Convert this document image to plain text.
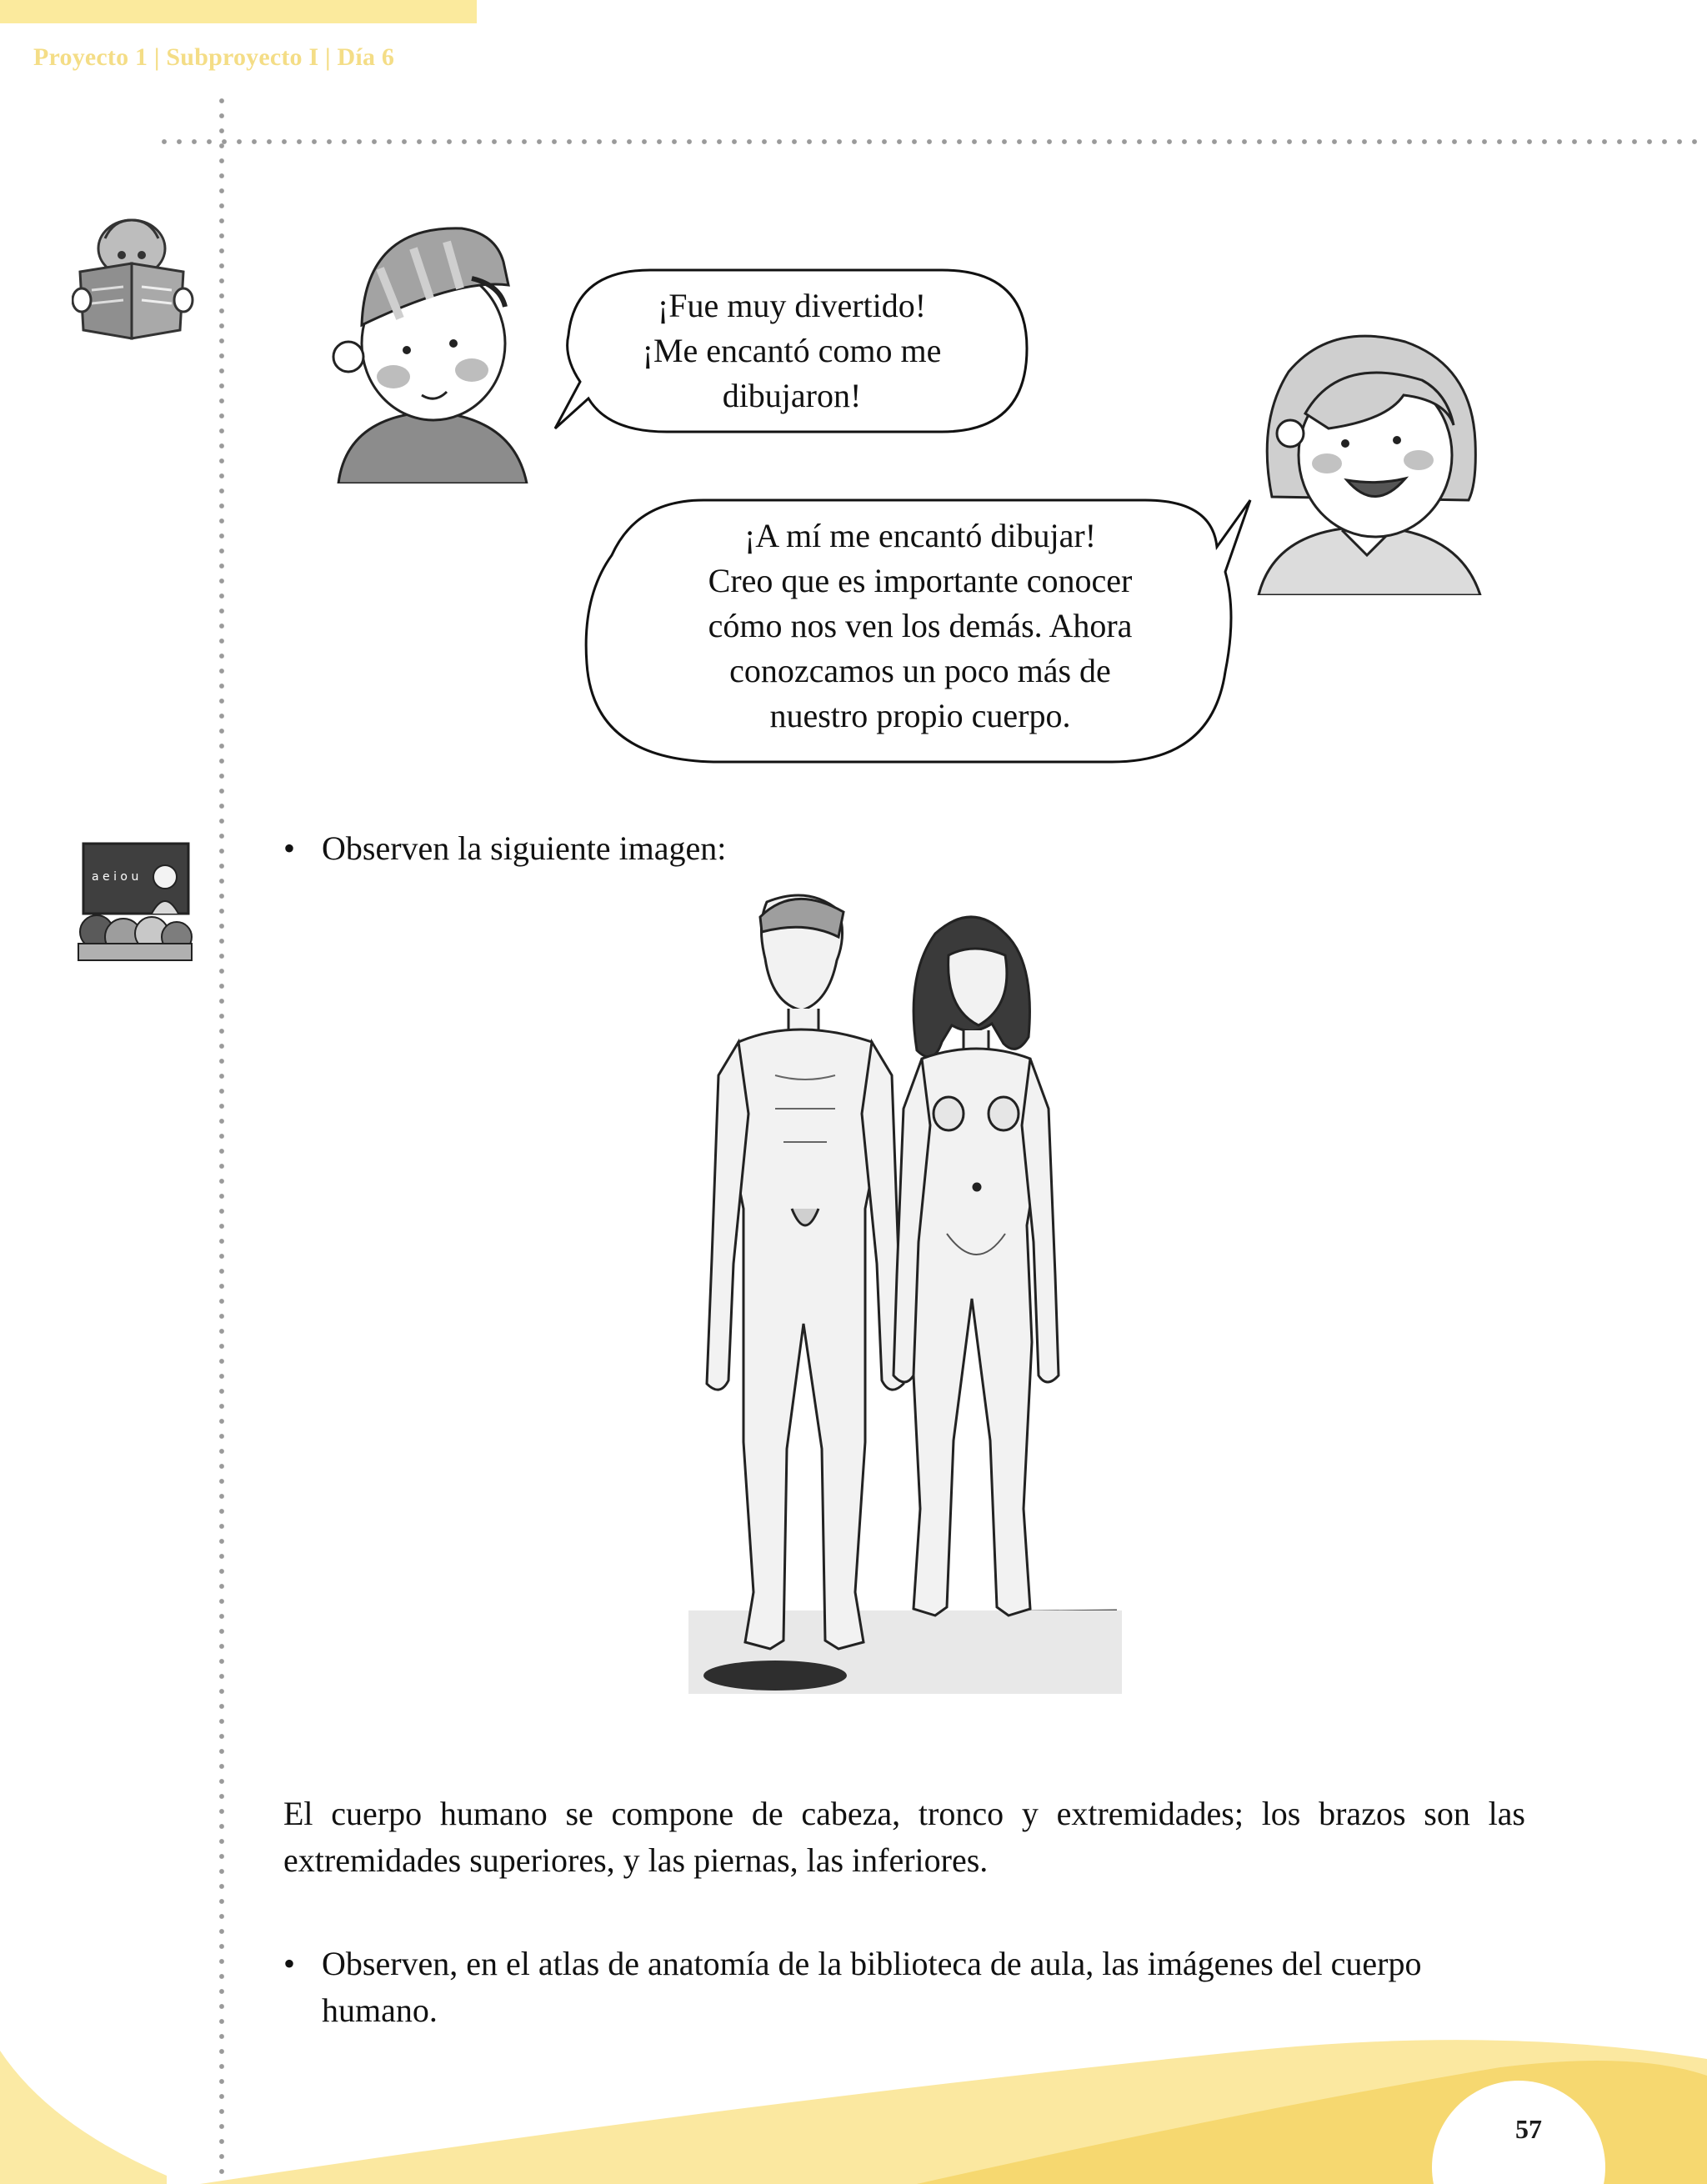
Proyecto 1 | Subproyecto I | Día 6
a e i o u
¡Fue muy divertido!
¡Me encantó como me
dibujaron!
¡A mí me encantó dibujar!
Creo que es importante conocer
cómo nos ven los demás. Ahora
conozcamos un poco más de
nuestro propio cuerpo.
• Observen la siguiente imagen:
El cuerpo humano se compone de cabeza, tronco y extremidades; los brazos son las extremidades superiores, y las piernas, las inferiores.
• Observen, en el atlas de anatomía de la biblioteca de aula, las imágenes del cuerpo humano.
57
